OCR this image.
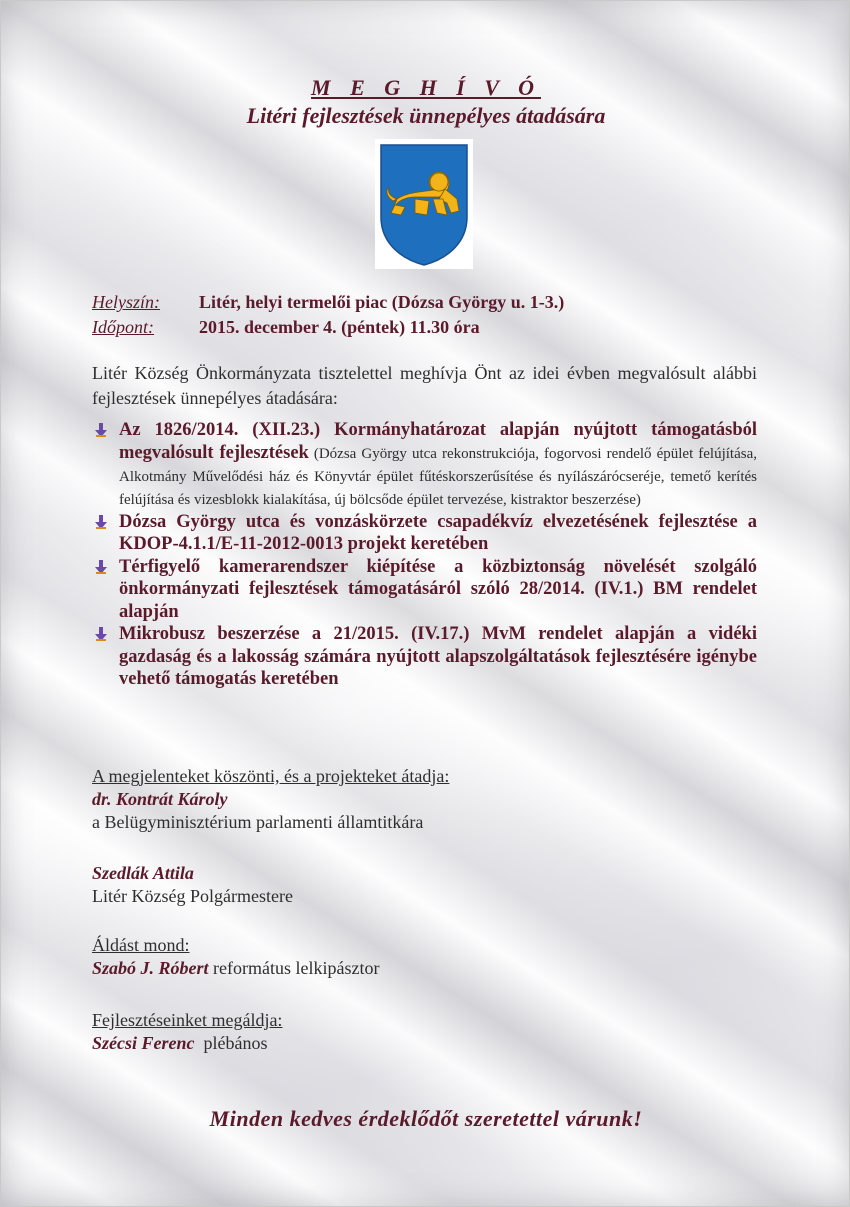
M E G H Í V Ó
Litéri fejlesztések ünnepélyes átadására
Helyszín: Litér, helyi termelői piac (Dózsa György u. 1-3.)
Időpont:	2015. december 4. (péntek) 11.30 óra
Litér Község Önkormányzata tisztelettel meghívja Önt az idei évben megvalósult alábbi fejlesztések ünnepélyes átadására:
Az 1826/2014. (XII.23.) Kormányhatározat alapján nyújtott támogatásból megvalósult fejlesztések (Dózsa György utca rekonstrukciója, fogorvosi rendelő épület felújítása, Alkotmány Művelődési ház és Könyvtár épület fűtéskorszerűsítése és nyílászárócseréje, temető kerítés felújítása és vizesblokk kialakítása, új bölcsőde épület tervezése, kistraktor beszerzése)
Dózsa György utca és vonzáskörzete csapadékvíz elvezetésének fejlesztése a KDOP-4.1.1/E-11-2012-0013 projekt keretében
Térfigyelő kamerarendszer kiépítése a közbiztonság növelését szolgáló önkormányzati fejlesztések támogatásáról szóló 28/2014. (IV.1.) BM rendelet alapján
Mikrobusz beszerzése a 21/2015. (IV.17.) MvM rendelet alapján a vidéki gazdaság és a lakosság számára nyújtott alapszolgáltatások fejlesztésére igénybe vehető támogatás keretében
A megjelenteket köszönti, és a projekteket átadja:
dr. Kontrát Károly
a Belügyminisztérium parlamenti államtitkára
Szedlák Attila
Litér Község Polgármestere
Áldást mond:
Szabó J. Róbert református lelkipásztor
Fejlesztéseinket megáldja:
Szécsi Ferenc  plébános
Minden kedves érdeklődőt szeretettel várunk!
